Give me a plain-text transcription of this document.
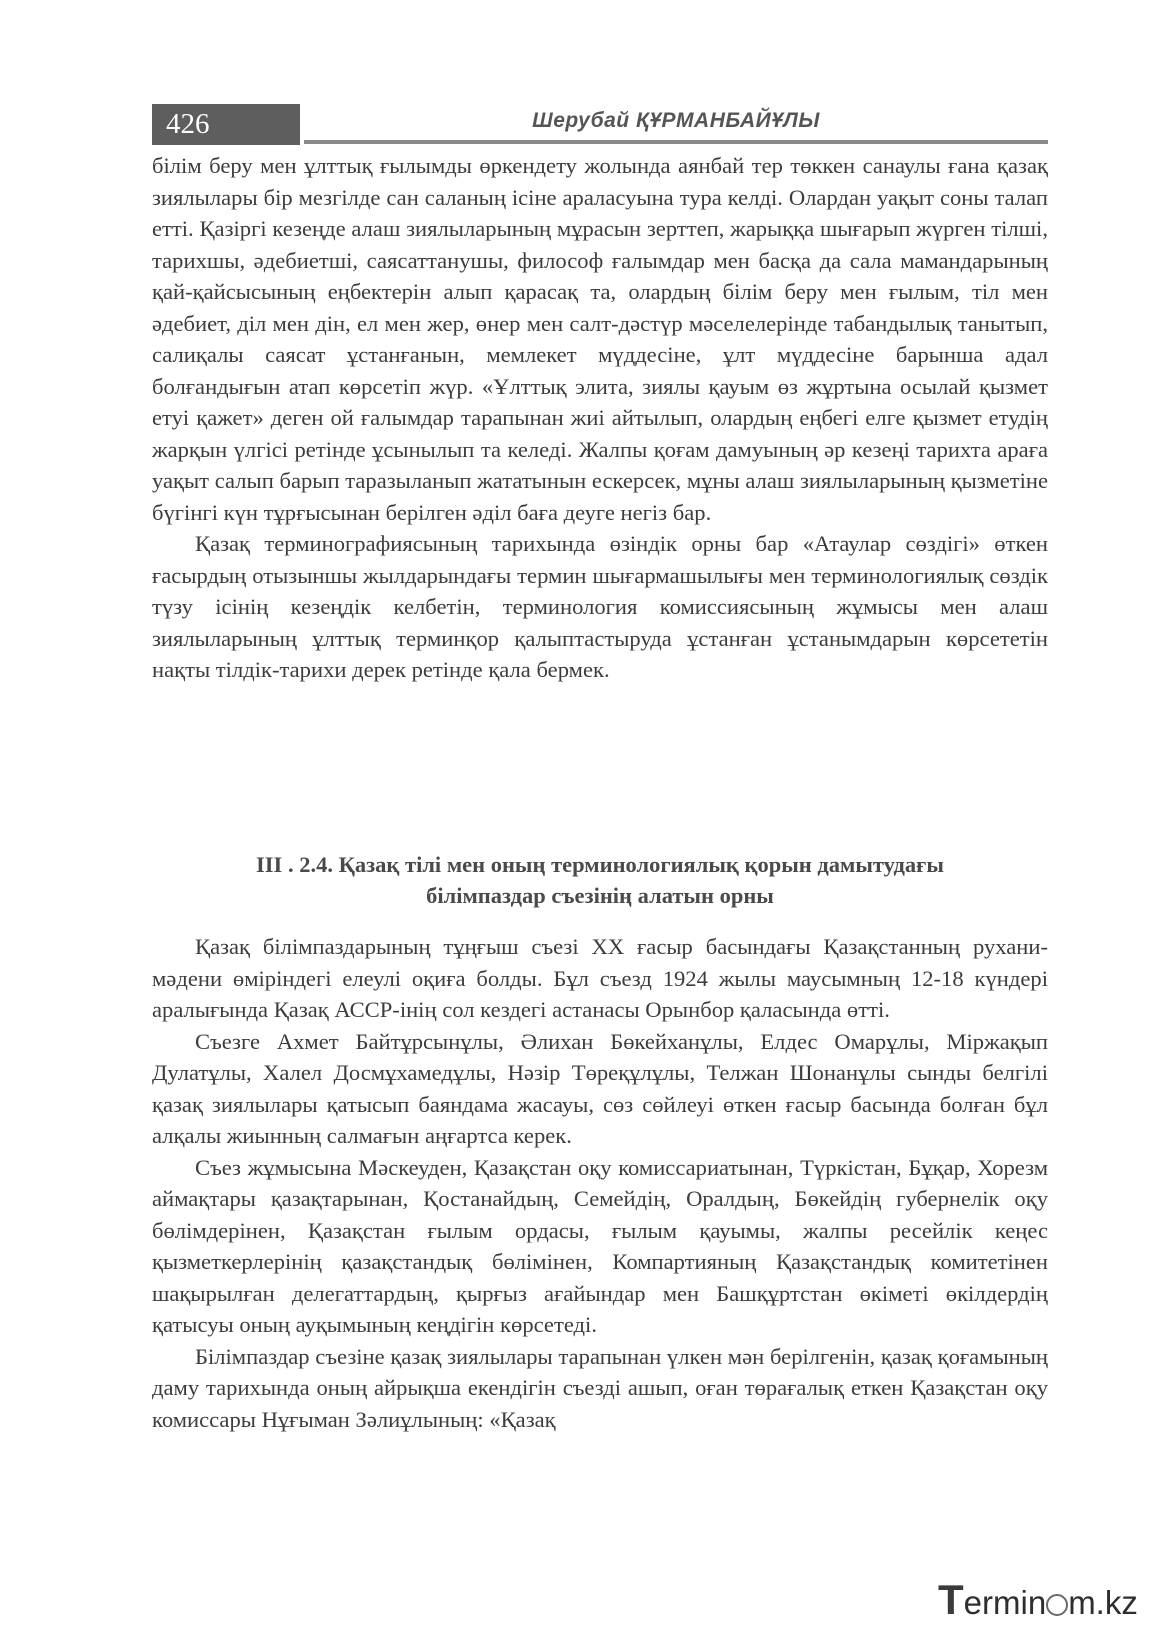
426	Шерубай ҚҰРМАНБАЙҰЛЫ

білім беру мен ұлттық ғылымды өркендету жолында аянбай тер төккен санаулы ғана қазақ зиялылары бір мезгілде сан саланың ісіне араласуына тура келді. Олардан уақыт соны талап етті. Қазіргі кезеңде алаш зиялыларының мұрасын зерттеп, жарыққа шығарып жүрген тілші, тарихшы, әдебиетші, саясаттанушы, философ ғалымдар мен басқа да сала мамандарының қай-қайсысының еңбектерін алып қарасақ та, олардың білім беру мен ғылым, тіл мен әдебиет, діл мен дін, ел мен жер, өнер мен салт-дәстүр мәселелерінде табандылық танытып, салиқалы саясат ұстанғанын, мемлекет мүддесіне, ұлт мүддесіне барынша адал болғандығын атап көрсетіп жүр. «Ұлттық элита, зиялы қауым өз жұртына осылай қызмет етуі қажет» деген ой ғалымдар тарапынан жиі айтылып, олардың еңбегі елге қызмет етудің жарқын үлгісі ретінде ұсынылып та келеді. Жалпы қоғам дамуының әр кезеңі тарихта араға уақыт салып барып таразыланып жататынын ескерсек, мұны алаш зиялыларының қызметіне бүгінгі күн тұрғысынан берілген әділ баға деуге негіз бар.

Қазақ терминографиясының тарихында өзіндік орны бар «Атаулар сөздігі» өткен ғасырдың отызыншы жылдарындағы термин шығармашылығы мен терминологиялық сөздік түзу ісінің кезеңдік келбетін, терминология комиссиясының жұмысы мен алаш зиялыларының ұлттық терминқор қалыптастыруда ұстанған ұстанымдарын көрсететін нақты тілдік-тарихи дерек ретінде қала бермек.

ІІІ . 2.4. Қазақ тілі мен оның терминологиялық қорын дамытудағы
білімпаздар съезінің алатын орны

Қазақ білімпаздарының тұңғыш съезі ХХ ғасыр басындағы Қазақстанның рухани-мәдени өміріндегі елеулі оқиға болды. Бұл съезд 1924 жылы маусымның 12-18 күндері аралығында Қазақ АССР-інің сол кездегі астанасы Орынбор қаласында өтті.

Съезге Ахмет Байтұрсынұлы, Әлихан Бөкейханұлы, Елдес Омарұлы, Міржақып Дулатұлы, Халел Досмұхамедұлы, Нәзір Төреқұлұлы, Телжан Шонанұлы сынды белгілі қазақ зиялылары қатысып баяндама жасауы, сөз сөйлеуі өткен ғасыр басында болған бұл алқалы жиынның салмағын аңғартса керек.

Съез жұмысына Мәскеуден, Қазақстан оқу комиссариатынан, Түркістан, Бұқар, Хорезм аймақтары қазақтарынан, Қостанайдың, Семейдің, Оралдың, Бөкейдің губернелік оқу бөлімдерінен, Қазақстан ғылым ордасы, ғылым қауымы, жалпы ресейлік кеңес қызметкерлерінің қазақстандық бөлімінен, Компартияның Қазақстандық комитетінен шақырылған делегаттардың, қырғыз ағайындар мен Башқұртстан өкіметі өкілдердің қатысуы оның ауқымының кеңдігін көрсетеді.

Білімпаздар съезіне қазақ зиялылары тарапынан үлкен мән берілгенін, қазақ қоғамының даму тарихында оның айрықша екендігін съезді ашып, оған төрағалық еткен Қазақстан оқу комиссары Нұғыман Зәлиұлының: «Қазақ

Termin m.kz
